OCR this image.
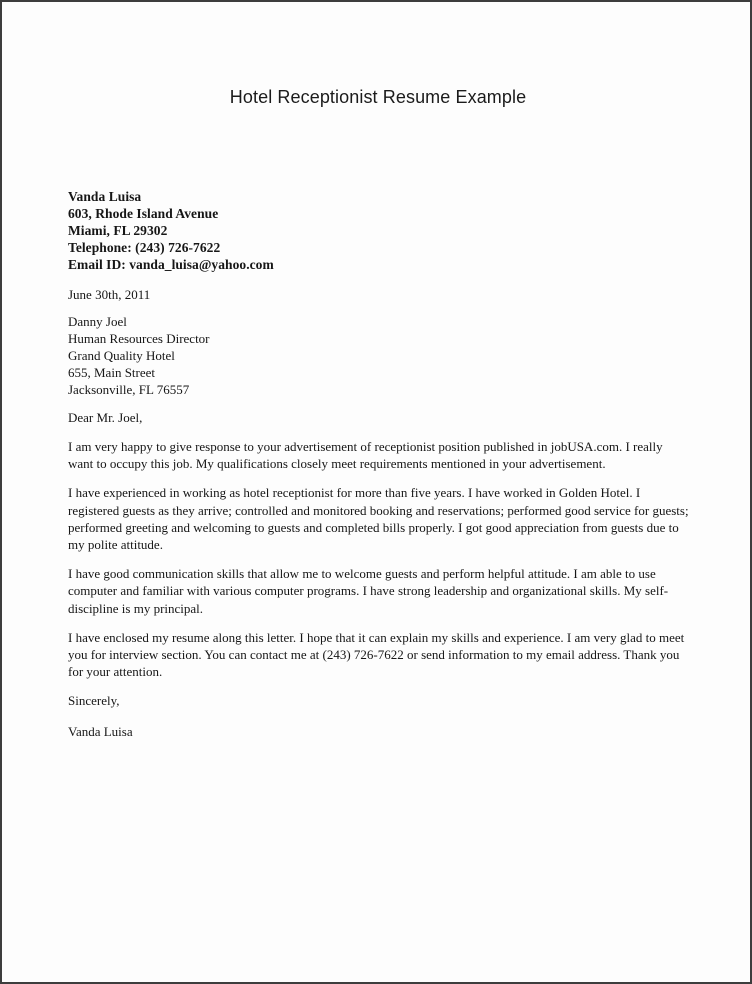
Hotel Receptionist Resume Example
Vanda Luisa
603, Rhode Island Avenue
Miami, FL 29302
Telephone: (243) 726-7622
Email ID: vanda_luisa@yahoo.com
June 30th, 2011
Danny Joel
Human Resources Director
Grand Quality Hotel
655, Main Street
Jacksonville, FL 76557
Dear Mr. Joel,

I am very happy to give response to your advertisement of receptionist position published in jobUSA.com. I really want to occupy this job. My qualifications closely meet requirements mentioned in your advertisement.

I have experienced in working as hotel receptionist for more than five years. I have worked in Golden Hotel. I registered guests as they arrive; controlled and monitored booking and reservations; performed good service for guests; performed greeting and welcoming to guests and completed bills properly. I got good appreciation from guests due to my polite attitude.

I have good communication skills that allow me to welcome guests and perform helpful attitude. I am able to use computer and familiar with various computer programs. I have strong leadership and organizational skills. My self-discipline is my principal.

I have enclosed my resume along this letter. I hope that it can explain my skills and experience. I am very glad to meet you for interview section. You can contact me at (243) 726-7622 or send information to my email address. Thank you for your attention.

Sincerely,
Vanda Luisa
